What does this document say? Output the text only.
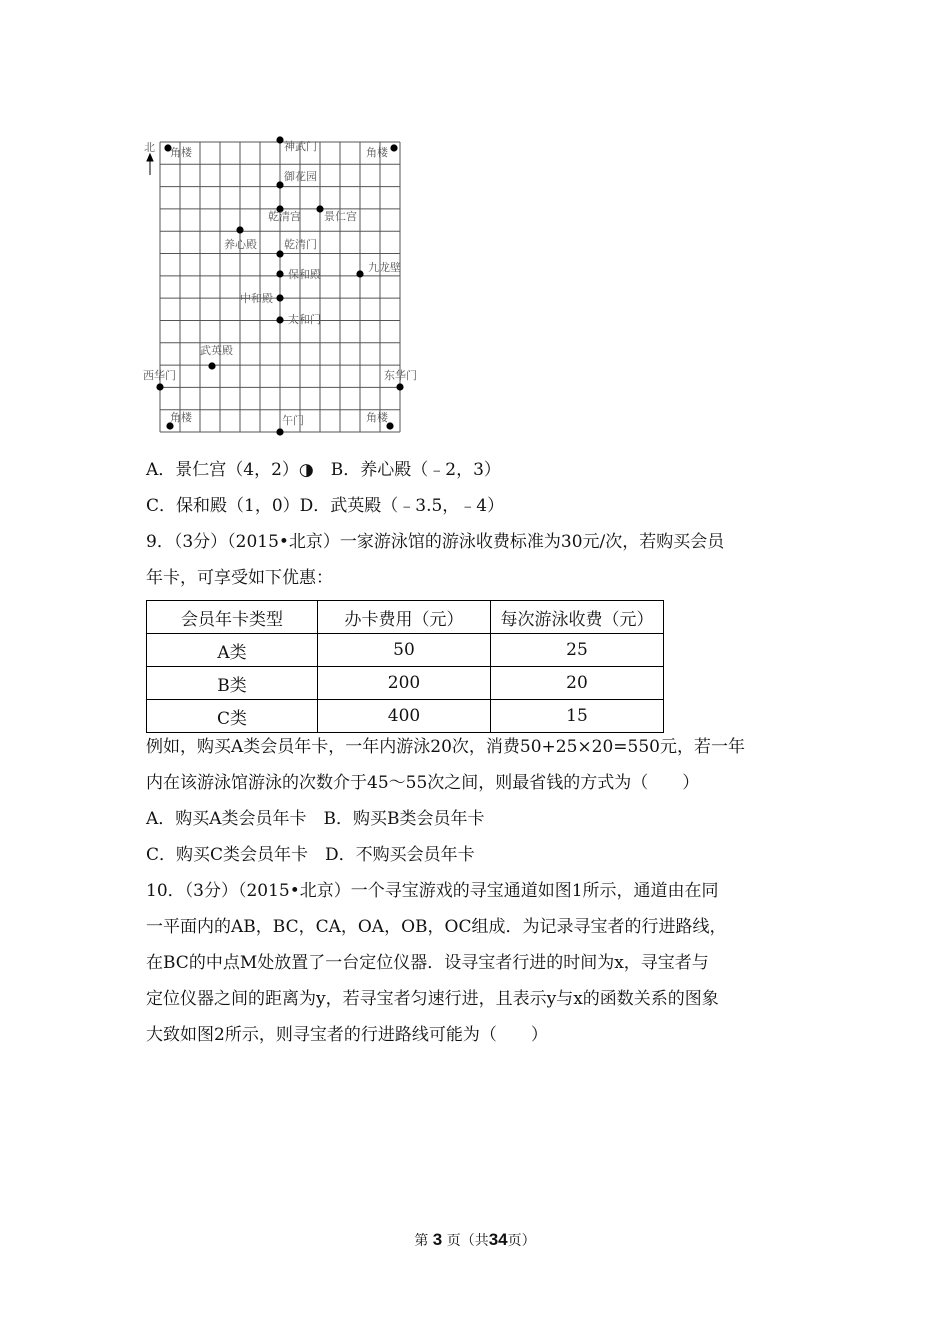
北 角楼	神武门	角楼
御花园
乾清宫 景仁宫
养心殿 乾清门
保和殿
九龙壁
中和殿
太和门
武英殿
西华门	东华门
角楼	午门	角楼
A．景仁宫（4，2）◑　 B．养心殿（﹣2，3）
C．保和殿（1，0）D．武英殿（﹣3.5，﹣4）
9．（3分）（2015•北京）一家游泳馆的游泳收费标准为30元/次，若购买会员
年卡，可享受如下优惠：
会员年卡类型	办卡费用（元）	每次游泳收费（元）
A类	50	25
B类	200	20
C类	400	15
例如，购买A类会员年卡，一年内游泳20次，消费50+25×20=550元，若一年
内在该游泳馆游泳的次数介于45～55次之间，则最省钱的方式为（　　）
A．购买A类会员年卡　B．购买B类会员年卡
C．购买C类会员年卡　D．不购买会员年卡
10．（3分）（2015•北京）一个寻宝游戏的寻宝通道如图1所示，通道由在同
一平面内的AB，BC，CA，OA，OB，OC组成．为记录寻宝者的行进路线，
在BC的中点M处放置了一台定位仪器．设寻宝者行进的时间为x，寻宝者与
定位仪器之间的距离为y，若寻宝者匀速行进，且表示y与x的函数关系的图象
大致如图2所示，则寻宝者的行进路线可能为（　　）
第 3 页（共34页）
